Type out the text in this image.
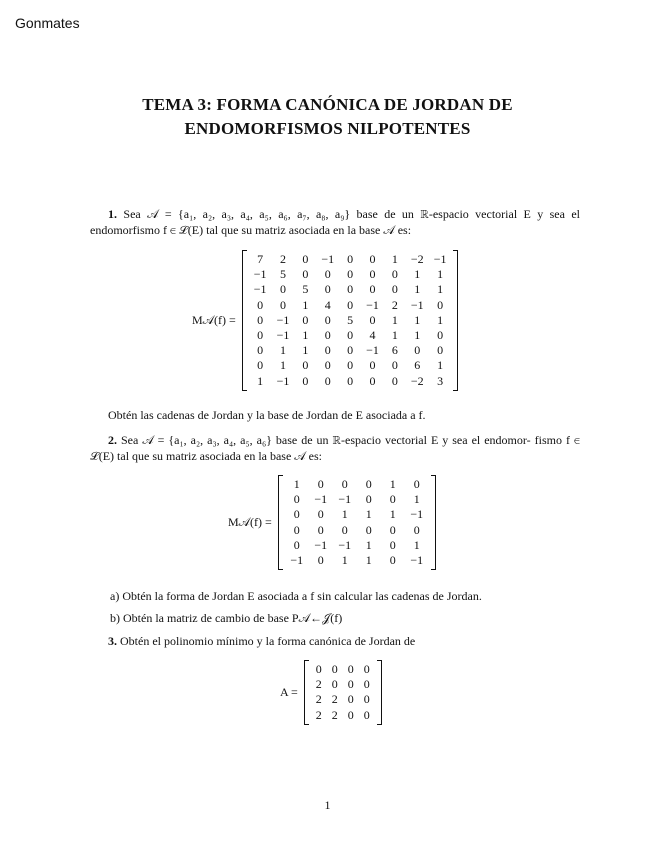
Gonmates
TEMA 3: FORMA CANÓNICA DE JORDAN DE
ENDOMORFISMOS NILPOTENTES
1. Sea 𝒜 = {a₁, a₂, a₃, a₄, a₅, a₆, a₇, a₈, a₉} base de un ℝ-espacio vectorial E y sea el endomorfismo f ∈ ℒ(E) tal que su matriz asociada en la base 𝒜 es:
M𝒜(f) =
7	2	0	−1	0	0	1	−2	−1
−1	5	0	0	0	0	0	1	1
−1	0	5	0	0	0	0	1	1
0	0	1	4	0	−1	2	−1	0
0	−1	0	0	5	0	1	1	1
0	−1	1	0	0	4	1	1	0
0	1	1	0	0	−1	6	0	0
0	1	0	0	0	0	0	6	1
1	−1	0	0	0	0	0	−2	3
Obtén las cadenas de Jordan y la base de Jordan de E asociada a f.
2. Sea 𝒜 = {a₁, a₂, a₃, a₄, a₅, a₆} base de un ℝ-espacio vectorial E y sea el endomor- fismo f ∈ ℒ(E) tal que su matriz asociada en la base 𝒜 es:
M𝒜(f) =
1	0	0	0	1	0
0	−1	−1	0	0	1
0	0	1	1	1	−1
0	0	0	0	0	0
0	−1	−1	1	0	1
−1	0	1	1	0	−1
a) Obtén la forma de Jordan E asociada a f sin calcular las cadenas de Jordan.
b) Obtén la matriz de cambio de base P𝒜←𝒥(f)
3. Obtén el polinomio mínimo y la forma canónica de Jordan de
A =
0	0	0	0
2	0	0	0
2	2	0	0
2	2	0	0
1
